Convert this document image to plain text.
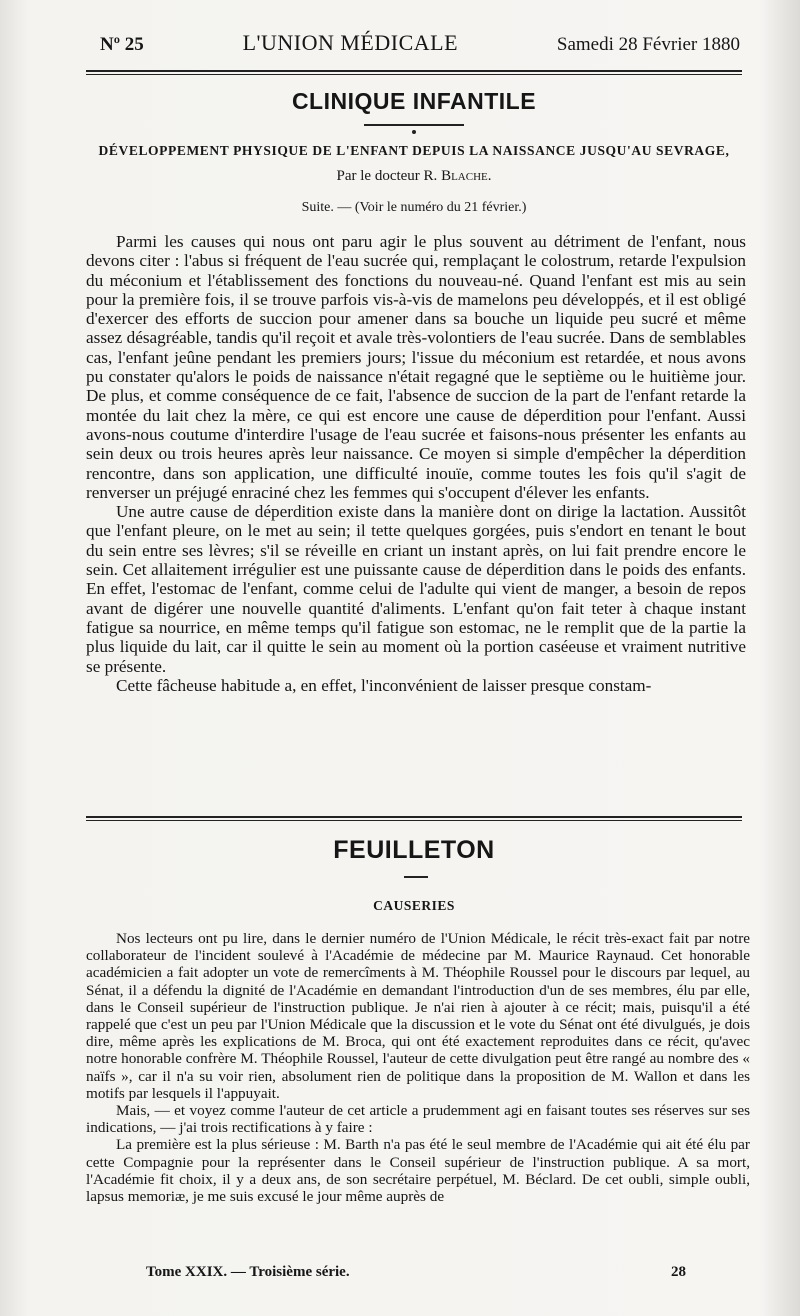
Nº 25	L'UNION MÉDICALE	Samedi 28 Février 1880
CLINIQUE INFANTILE
DÉVELOPPEMENT PHYSIQUE DE L'ENFANT DEPUIS LA NAISSANCE JUSQU'AU SEVRAGE,
Par le docteur R. Blache.
Suite. — (Voir le numéro du 21 février.)

Parmi les causes qui nous ont paru agir le plus souvent au détriment de l'enfant, nous devons citer : l'abus si fréquent de l'eau sucrée qui, remplaçant le colostrum, retarde l'expulsion du méconium et l'établissement des fonctions du nouveau-né. Quand l'enfant est mis au sein pour la première fois, il se trouve parfois vis-à-vis de mamelons peu développés, et il est obligé d'exercer des efforts de succion pour amener dans sa bouche un liquide peu sucré et même assez désagréable, tandis qu'il reçoit et avale très-volontiers de l'eau sucrée. Dans de semblables cas, l'enfant jeûne pendant les premiers jours; l'issue du méconium est retardée, et nous avons pu constater qu'alors le poids de naissance n'était regagné que le septième ou le huitième jour. De plus, et comme conséquence de ce fait, l'absence de succion de la part de l'enfant retarde la montée du lait chez la mère, ce qui est encore une cause de déperdition pour l'enfant. Aussi avons-nous coutume d'interdire l'usage de l'eau sucrée et faisons-nous présenter les enfants au sein deux ou trois heures après leur naissance. Ce moyen si simple d'empêcher la déperdition rencontre, dans son application, une difficulté inouïe, comme toutes les fois qu'il s'agit de renverser un préjugé enraciné chez les femmes qui s'occupent d'élever les enfants.

Une autre cause de déperdition existe dans la manière dont on dirige la lactation. Aussitôt que l'enfant pleure, on le met au sein; il tette quelques gorgées, puis s'endort en tenant le bout du sein entre ses lèvres; s'il se réveille en criant un instant après, on lui fait prendre encore le sein. Cet allaitement irrégulier est une puissante cause de déperdition dans le poids des enfants. En effet, l'estomac de l'enfant, comme celui de l'adulte qui vient de manger, a besoin de repos avant de digérer une nouvelle quantité d'aliments. L'enfant qu'on fait teter à chaque instant fatigue sa nourrice, en même temps qu'il fatigue son estomac, ne le remplit que de la partie la plus liquide du lait, car il quitte le sein au moment où la portion caséeuse et vraiment nutritive se présente.

Cette fâcheuse habitude a, en effet, l'inconvénient de laisser presque constam-

FEUILLETON
CAUSERIES

Nos lecteurs ont pu lire, dans le dernier numéro de l'Union Médicale, le récit très-exact fait par notre collaborateur de l'incident soulevé à l'Académie de médecine par M. Maurice Raynaud. Cet honorable académicien a fait adopter un vote de remercîments à M. Théophile Roussel pour le discours par lequel, au Sénat, il a défendu la dignité de l'Académie en demandant l'introduction d'un de ses membres, élu par elle, dans le Conseil supérieur de l'instruction publique. Je n'ai rien à ajouter à ce récit; mais, puisqu'il a été rappelé que c'est un peu par l'Union Médicale que la discussion et le vote du Sénat ont été divulgués, je dois dire, même après les explications de M. Broca, qui ont été exactement reproduites dans ce récit, qu'avec notre honorable confrère M. Théophile Roussel, l'auteur de cette divulgation peut être rangé au nombre des « naïfs », car il n'a su voir rien, absolument rien de politique dans la proposition de M. Wallon et dans les motifs par lesquels il l'appuyait.

Mais, — et voyez comme l'auteur de cet article a prudemment agi en faisant toutes ses réserves sur ses indications, — j'ai trois rectifications à y faire :

La première est la plus sérieuse : M. Barth n'a pas été le seul membre de l'Académie qui ait été élu par cette Compagnie pour la représenter dans le Conseil supérieur de l'instruction publique. A sa mort, l'Académie fit choix, il y a deux ans, de son secrétaire perpétuel, M. Béclard. De cet oubli, simple oubli, lapsus memoriæ, je me suis excusé le jour même auprès de

Tome XXIX. — Troisième série.	28
